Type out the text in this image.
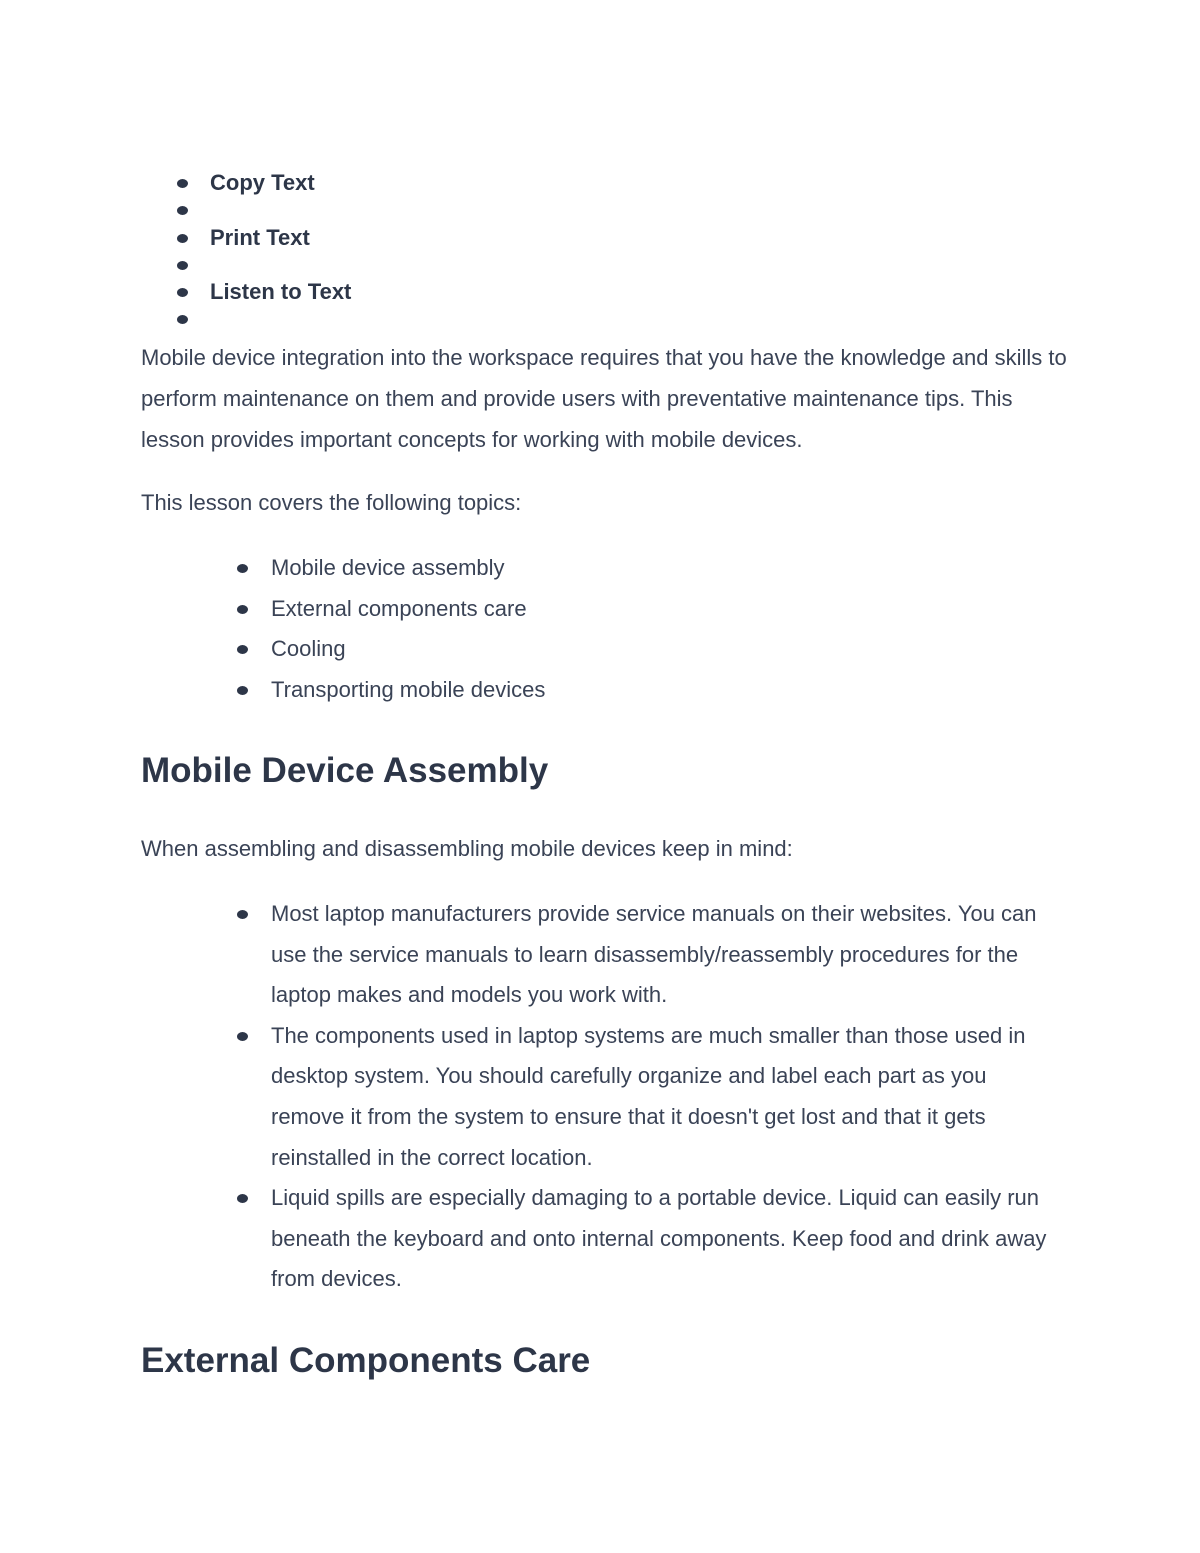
Copy Text
Print Text
Listen to Text

Mobile device integration into the workspace requires that you have the knowledge and skills to perform maintenance on them and provide users with preventative maintenance tips. This lesson provides important concepts for working with mobile devices.

This lesson covers the following topics:

Mobile device assembly
External components care
Cooling
Transporting mobile devices
Mobile Device Assembly

When assembling and disassembling mobile devices keep in mind:

Most laptop manufacturers provide service manuals on their websites. You can use the service manuals to learn disassembly/reassembly procedures for the laptop makes and models you work with.
The components used in laptop systems are much smaller than those used in desktop system. You should carefully organize and label each part as you remove it from the system to ensure that it doesn't get lost and that it gets reinstalled in the correct location.
Liquid spills are especially damaging to a portable device. Liquid can easily run beneath the keyboard and onto internal components. Keep food and drink away from devices.
External Components Care
